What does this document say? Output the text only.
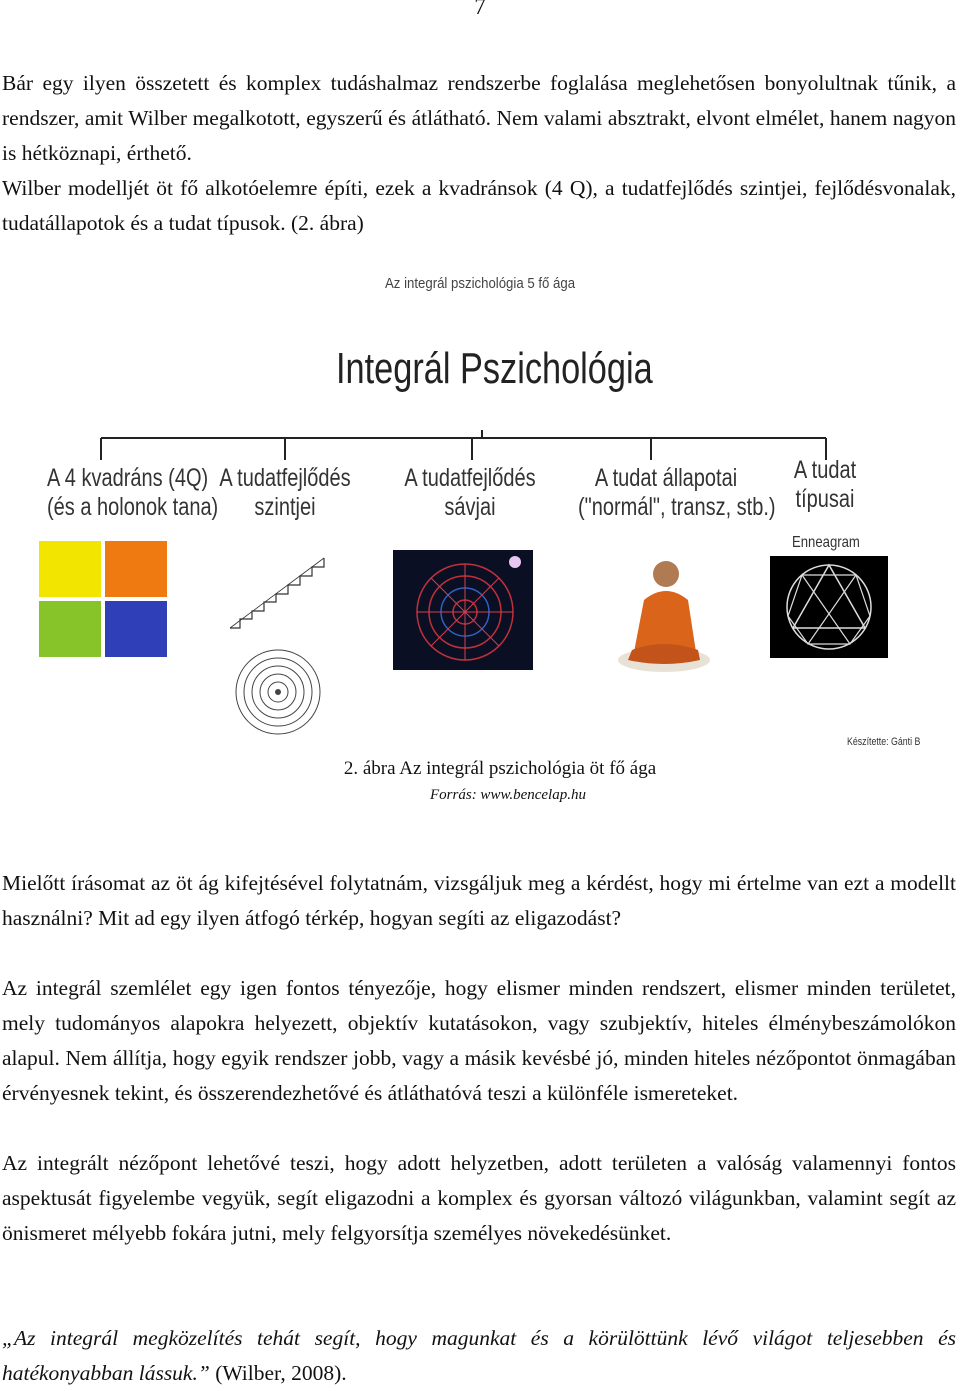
7

Bár egy ilyen összetett és komplex tudáshalmaz rendszerbe foglalása meglehetősen bonyolultnak tűnik, a rendszer, amit Wilber megalkotott, egyszerű és átlátható. Nem valami absztrakt, elvont elmélet, hanem nagyon is hétköznapi, érthető.

Wilber modelljét öt fő alkotóelemre építi, ezek a kvadránsok (4 Q), a tudatfejlődés szintjei, fejlődésvonalak, tudatállapotok és a tudat típusok. (2. ábra)

Az integrál pszichológia 5 fő ága
Integrál Pszichológia
A 4 kvadráns (4Q)
(és a holonok tana)
A tudatfejlődés
szintjei
A tudatfejlődés
sávjai
A tudat állapotai
("normál", transz, stb.)
A tudat
típusai
Enneagram
Készítette: Gánti B
2. ábra Az integrál pszichológia öt fő ága
Forrás: www.bencelap.hu

Mielőtt írásomat az öt ág kifejtésével folytatnám, vizsgáljuk meg a kérdést, hogy mi értelme van ezt a modellt használni? Mit ad egy ilyen átfogó térkép, hogyan segíti az eligazodást?

Az integrál szemlélet egy igen fontos tényezője, hogy elismer minden rendszert, elismer minden területet, mely tudományos alapokra helyezett, objektív kutatásokon, vagy szubjektív, hiteles élménybeszámolókon alapul. Nem állítja, hogy egyik rendszer jobb, vagy a másik kevésbé jó, minden hiteles nézőpontot önmagában érvényesnek tekint, és összerendezhetővé és átláthatóvá teszi a különféle ismereteket.

Az integrált nézőpont lehetővé teszi, hogy adott helyzetben, adott területen a valóság valamennyi fontos aspektusát figyelembe vegyük, segít eligazodni a komplex és gyorsan változó világunkban, valamint segít az önismeret mélyebb fokára jutni, mely felgyorsítja személyes növekedésünket.

„Az integrál megközelítés tehát segít, hogy magunkat és a körülöttünk lévő világot teljesebben és hatékonyabban lássuk.” (Wilber, 2008).
